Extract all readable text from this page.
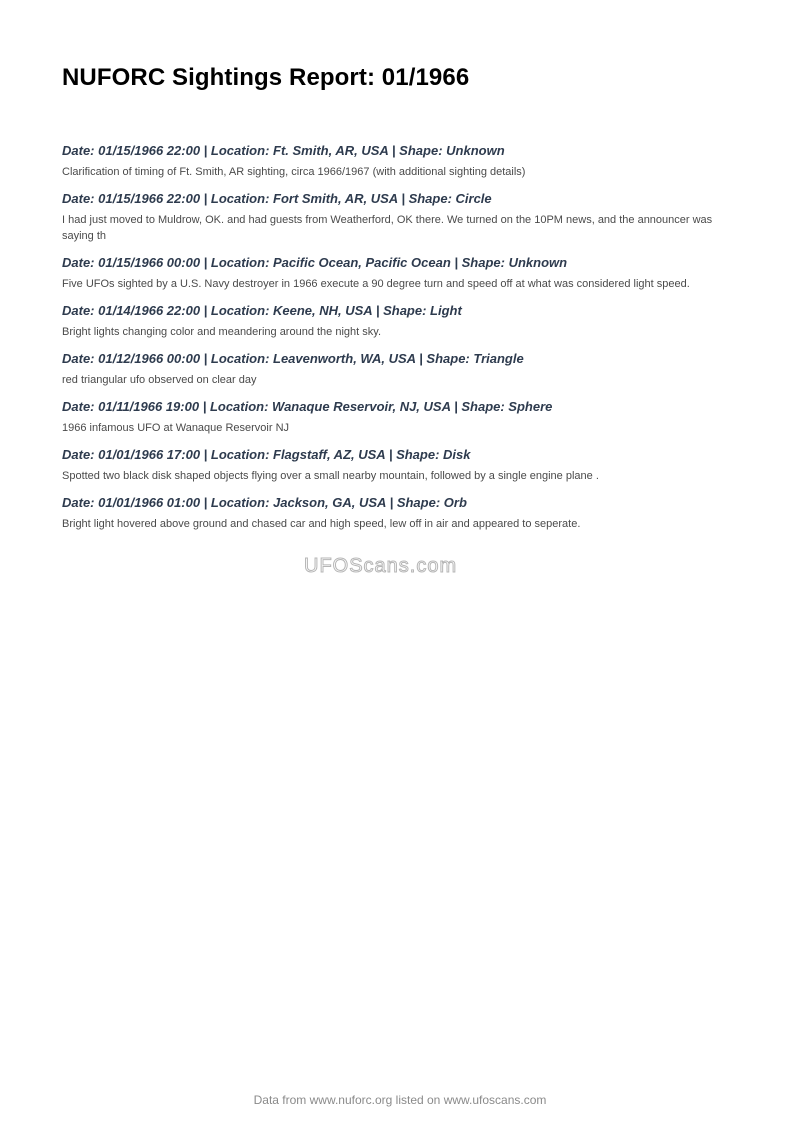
NUFORC Sightings Report: 01/1966
Date: 01/15/1966 22:00 | Location: Ft. Smith, AR, USA | Shape: Unknown

Clarification of timing of Ft. Smith, AR sighting, circa 1966/1967 (with additional sighting details)

Date: 01/15/1966 22:00 | Location: Fort Smith, AR, USA | Shape: Circle

I had just moved to Muldrow, OK. and had guests from Weatherford, OK there. We turned on the 10PM news, and the announcer was saying th

Date: 01/15/1966 00:00 | Location: Pacific Ocean, Pacific Ocean | Shape: Unknown

Five UFOs sighted by a U.S. Navy destroyer in 1966 execute a 90 degree turn and speed off at what was considered light speed.

Date: 01/14/1966 22:00 | Location: Keene, NH, USA | Shape: Light

Bright lights changing color and meandering around the night sky.

Date: 01/12/1966 00:00 | Location: Leavenworth, WA, USA | Shape: Triangle

red triangular ufo observed on clear day

Date: 01/11/1966 19:00 | Location: Wanaque Reservoir, NJ, USA | Shape: Sphere

1966 infamous UFO at Wanaque Reservoir NJ

Date: 01/01/1966 17:00 | Location: Flagstaff, AZ, USA | Shape: Disk

Spotted two black disk shaped objects flying over a small nearby mountain, followed by a single engine plane .

Date: 01/01/1966 01:00 | Location: Jackson, GA, USA | Shape: Orb

Bright light hovered above ground and chased car and high speed, lew off in air and appeared to seperate.

UFOScans.com
Data from www.nuforc.org listed on www.ufoscans.com
